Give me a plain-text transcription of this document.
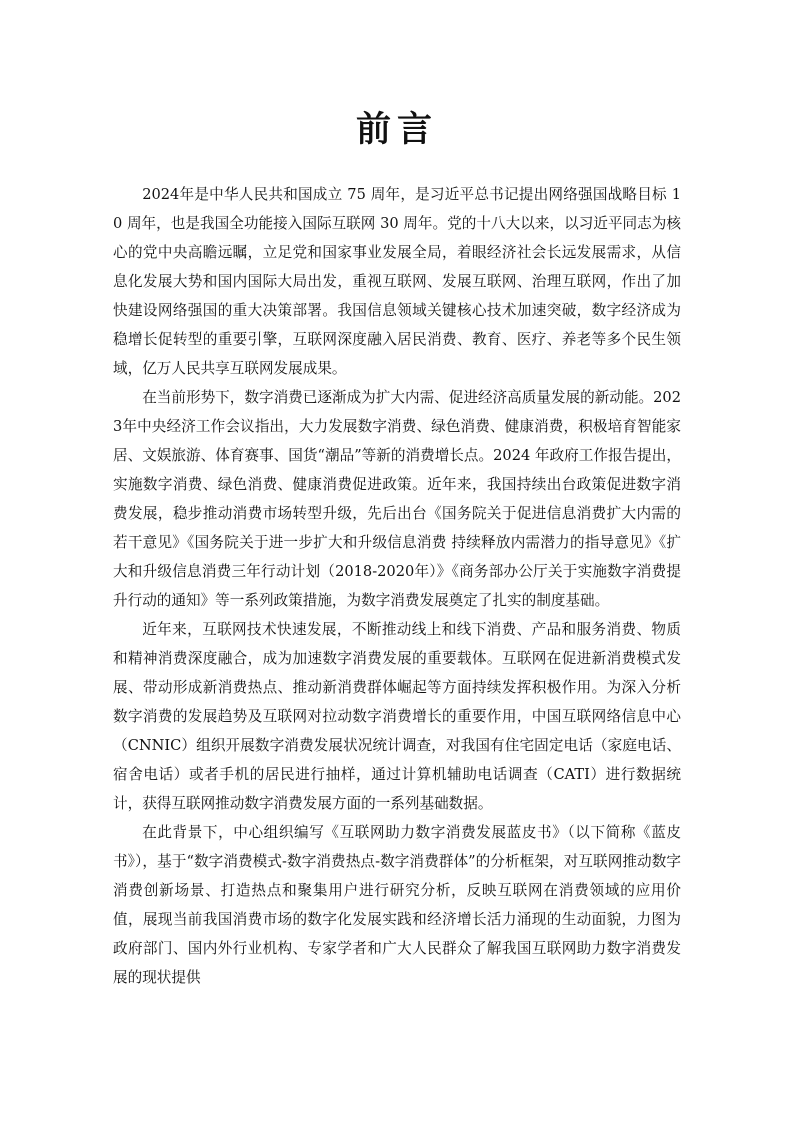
前言

2024年是中华人民共和国成立 75 周年，是习近平总书记提出网络强国战略目标 10 周年，也是我国全功能接入国际互联网 30 周年。党的十八大以来，以习近平同志为核心的党中央高瞻远瞩，立足党和国家事业发展全局，着眼经济社会长远发展需求，从信息化发展大势和国内国际大局出发，重视互联网、发展互联网、治理互联网，作出了加快建设网络强国的重大决策部署。我国信息领域关键核心技术加速突破，数字经济成为稳增长促转型的重要引擎，互联网深度融入居民消费、教育、医疗、养老等多个民生领域，亿万人民共享互联网发展成果。

在当前形势下，数字消费已逐渐成为扩大内需、促进经济高质量发展的新动能。2023年中央经济工作会议指出，大力发展数字消费、绿色消费、健康消费，积极培育智能家居、文娱旅游、体育赛事、国货“潮品”等新的消费增长点。2024 年政府工作报告提出，实施数字消费、绿色消费、健康消费促进政策。近年来，我国持续出台政策促进数字消费发展，稳步推动消费市场转型升级，先后出台《国务院关于促进信息消费扩大内需的若干意见》《国务院关于进一步扩大和升级信息消费 持续释放内需潜力的指导意见》《扩大和升级信息消费三年行动计划（2018-2020年）》《商务部办公厅关于实施数字消费提升行动的通知》等一系列政策措施，为数字消费发展奠定了扎实的制度基础。

近年来，互联网技术快速发展，不断推动线上和线下消费、产品和服务消费、物质和精神消费深度融合，成为加速数字消费发展的重要载体。互联网在促进新消费模式发展、带动形成新消费热点、推动新消费群体崛起等方面持续发挥积极作用。为深入分析数字消费的发展趋势及互联网对拉动数字消费增长的重要作用，中国互联网络信息中心（CNNIC）组织开展数字消费发展状况统计调查，对我国有住宅固定电话（家庭电话、宿舍电话）或者手机的居民进行抽样，通过计算机辅助电话调查（CATI）进行数据统计，获得互联网推动数字消费发展方面的一系列基础数据。

在此背景下，中心组织编写《互联网助力数字消费发展蓝皮书》（以下简称《蓝皮书》），基于“数字消费模式-数字消费热点-数字消费群体”的分析框架，对互联网推动数字消费创新场景、打造热点和聚集用户进行研究分析，反映互联网在消费领域的应用价值，展现当前我国消费市场的数字化发展实践和经济增长活力涌现的生动面貌，力图为政府部门、国内外行业机构、专家学者和广大人民群众了解我国互联网助力数字消费发展的现状提供
